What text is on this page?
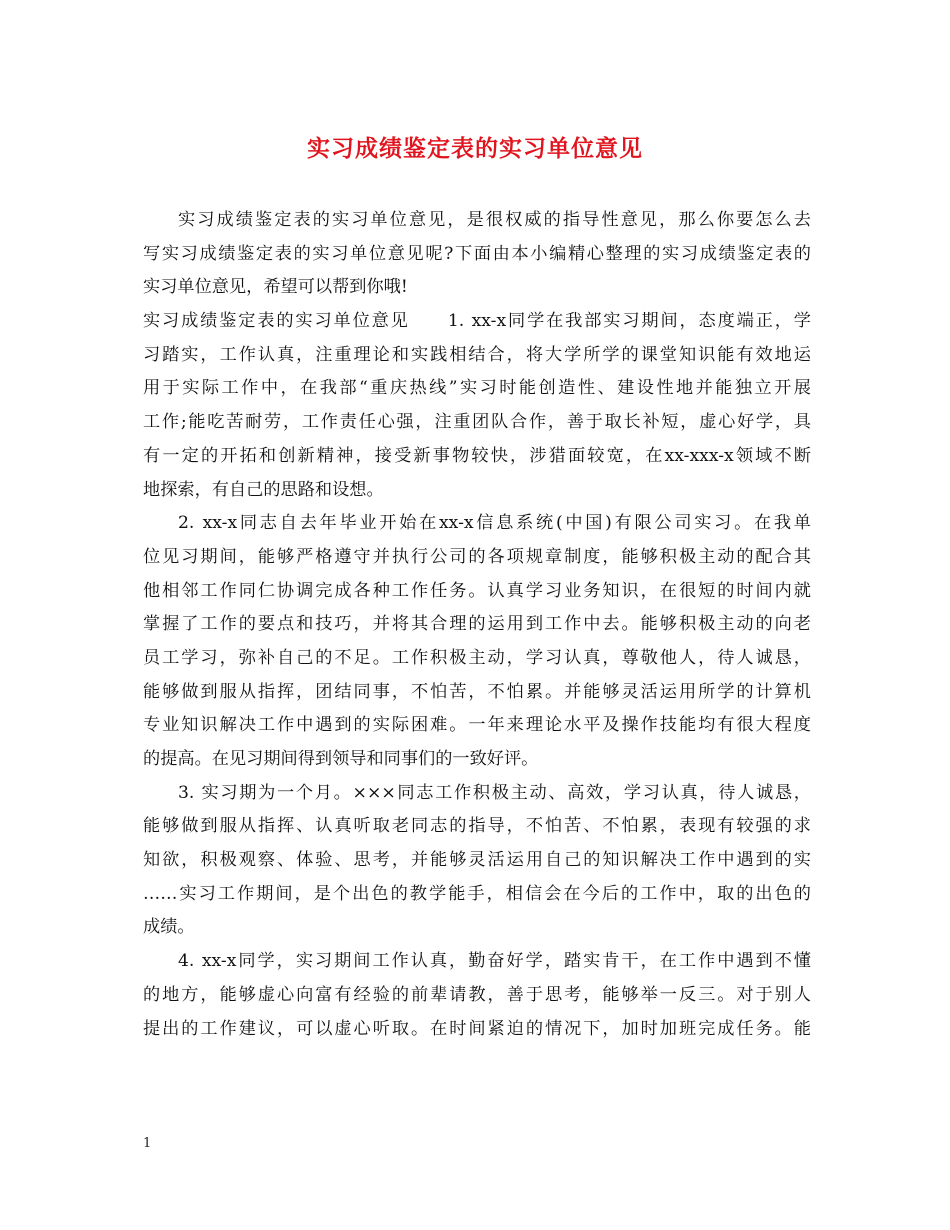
实习成绩鉴定表的实习单位意见
实习成绩鉴定表的实习单位意见，是很权威的指导性意见，那么你要怎么去
写实习成绩鉴定表的实习单位意见呢?下面由本小编精心整理的实习成绩鉴定表的
实习单位意见，希望可以帮到你哦!
实习成绩鉴定表的实习单位意见　　1. xx-x同学在我部实习期间，态度端正，学
习踏实，工作认真，注重理论和实践相结合，将大学所学的课堂知识能有效地运
用于实际工作中，在我部“重庆热线”实习时能创造性、建设性地并能独立开展
工作;能吃苦耐劳，工作责任心强，注重团队合作，善于取长补短，虚心好学，具
有一定的开拓和创新精神，接受新事物较快，涉猎面较宽，在xx-xxx-x领域不断
地探索，有自己的思路和设想。
2. xx-x同志自去年毕业开始在xx-x信息系统(中国)有限公司实习。在我单
位见习期间，能够严格遵守并执行公司的各项规章制度，能够积极主动的配合其
他相邻工作同仁协调完成各种工作任务。认真学习业务知识，在很短的时间内就
掌握了工作的要点和技巧，并将其合理的运用到工作中去。能够积极主动的向老
员工学习，弥补自己的不足。工作积极主动，学习认真，尊敬他人，待人诚恳，
能够做到服从指挥，团结同事，不怕苦，不怕累。并能够灵活运用所学的计算机
专业知识解决工作中遇到的实际困难。一年来理论水平及操作技能均有很大程度
的提高。在见习期间得到领导和同事们的一致好评。
3. 实习期为一个月。×××同志工作积极主动、高效，学习认真，待人诚恳，
能够做到服从指挥、认真听取老同志的指导，不怕苦、不怕累，表现有较强的求
知欲，积极观察、体验、思考，并能够灵活运用自己的知识解决工作中遇到的实
……实习工作期间，是个出色的教学能手，相信会在今后的工作中，取的出色的
成绩。
4. xx-x同学，实习期间工作认真，勤奋好学，踏实肯干，在工作中遇到不懂
的地方，能够虚心向富有经验的前辈请教，善于思考，能够举一反三。对于别人
提出的工作建议，可以虚心听取。在时间紧迫的情况下，加时加班完成任务。能
1
